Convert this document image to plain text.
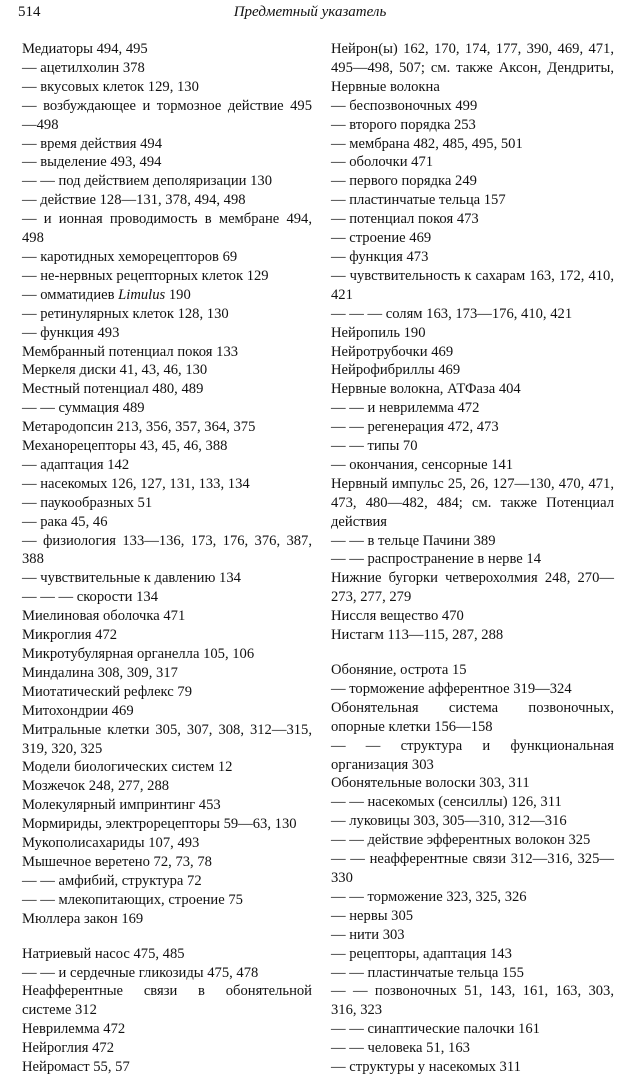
514	Предметный указатель

Медиаторы 494, 495

— ацетилхолин 378

— вкусовых клеток 129, 130

— возбуждающее и тормозное действие 495—498

— время действия 494

— выделение 493, 494

— — под действием деполяризации 130

— действие 128—131, 378, 494, 498

— и ионная проводимость в мембране 494, 498

— каротидных хеморецепторов 69

— не-нервных рецепторных клеток 129

— омматидиев Limulus 190

— ретинулярных клеток 128, 130

— функция 493

Мембранный потенциал покоя 133

Меркеля диски 41, 43, 46, 130

Местный потенциал 480, 489

— — суммация 489

Метародопсин 213, 356, 357, 364, 375

Механорецепторы 43, 45, 46, 388

— адаптация 142

— насекомых 126, 127, 131, 133, 134

— паукообразных 51

— рака 45, 46

— физиология 133—136, 173, 176, 376, 387, 388

— чувствительные к давлению 134

— — — скорости 134

Миелиновая оболочка 471

Микроглия 472

Микротубулярная органелла 105, 106

Миндалина 308, 309, 317

Миотатический рефлекс 79

Митохондрии 469

Митральные клетки 305, 307, 308, 312—315, 319, 320, 325

Модели биологических систем 12

Мозжечок 248, 277, 288

Молекулярный импринтинг 453

Мормириды, электрорецепторы 59—63, 130

Мукополисахариды 107, 493

Мышечное веретено 72, 73, 78

— — амфибий, структура 72

— — млекопитающих, строение 75

Мюллера закон 169

Натриевый насос 475, 485

— — и сердечные гликозиды 475, 478

Неафферентные связи в обонятельной системе 312

Неврилемма 472

Нейроглия 472

Нейромаст 55, 57

Нейрон(ы) 162, 170, 174, 177, 390, 469, 471, 495—498, 507; см. также Аксон, Дендриты, Нервные волокна

— беспозвоночных 499

— второго порядка 253

— мембрана 482, 485, 495, 501

— оболочки 471

— первого порядка 249

— пластинчатые тельца 157

— потенциал покоя 473

— строение 469

— функция 473

— чувствительность к сахарам 163, 172, 410, 421

— — — солям 163, 173—176, 410, 421

Нейропиль 190

Нейротрубочки 469

Нейрофибриллы 469

Нервные волокна, АТФаза 404

— — и неврилемма 472

— — регенерация 472, 473

— — типы 70

— окончания, сенсорные 141

Нервный импульс 25, 26, 127—130, 470, 471, 473, 480—482, 484; см. также Потенциал действия

— — в тельце Пачини 389

— — распространение в нерве 14

Нижние бугорки четверохолмия 248, 270—273, 277, 279

Ниссля вещество 470

Нистагм 113—115, 287, 288

Обоняние, острота 15

— торможение афферентное 319—324

Обонятельная система позвоночных, опорные клетки 156—158

— — структура и функциональная организация 303

Обонятельные волоски 303, 311

— — насекомых (сенсиллы) 126, 311

— луковицы 303, 305—310, 312—316

— — действие эфферентных волокон 325

— — неафферентные связи 312—316, 325—330

— — торможение 323, 325, 326

— нервы 305

— нити 303

— рецепторы, адаптация 143

— — пластинчатые тельца 155

— — позвоночных 51, 143, 161, 163, 303, 316, 323

— — синаптические палочки 161

— — человека 51, 163

— структуры у насекомых 311
